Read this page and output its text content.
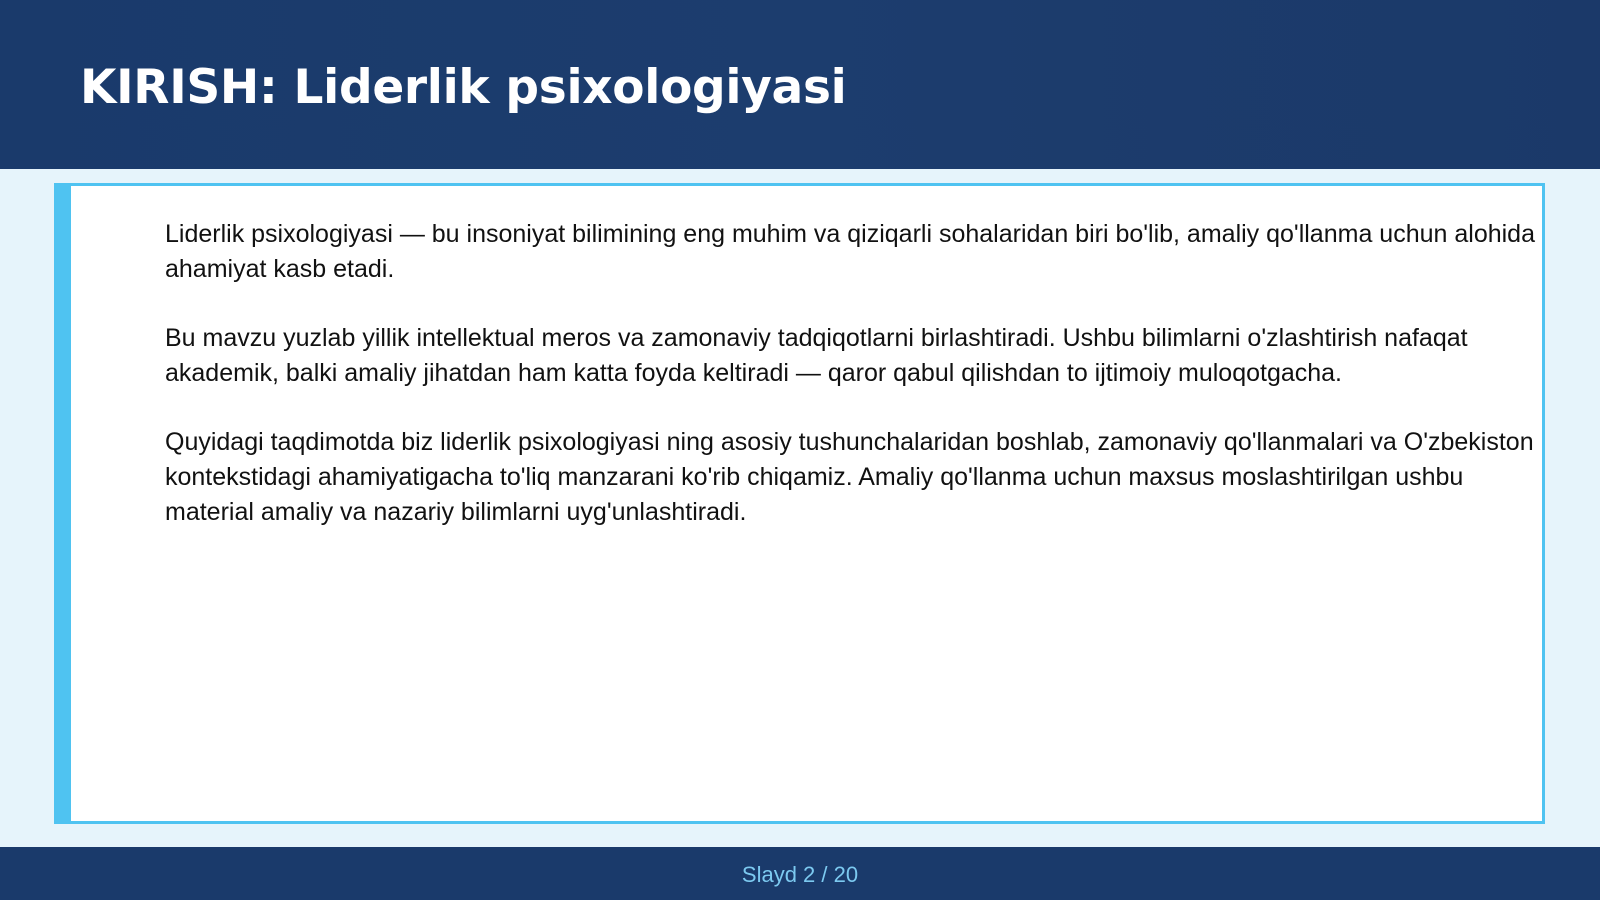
KIRISH: Liderlik psixologiyasi

Liderlik psixologiyasi — bu insoniyat bilimining eng muhim va qiziqarli sohalaridan biri bo'lib, amaliy qo'llanma uchun alohida ahamiyat kasb etadi.

Bu mavzu yuzlab yillik intellektual meros va zamonaviy tadqiqotlarni birlashtiradi. Ushbu bilimlarni o'zlashtirish nafaqat akademik, balki amaliy jihatdan ham katta foyda keltiradi — qaror qabul qilishdan to ijtimoiy muloqotgacha.

Quyidagi taqdimotda biz liderlik psixologiyasi ning asosiy tushunchalaridan boshlab, zamonaviy qo'llanmalari va O'zbekiston kontekstidagi ahamiyatigacha to'liq manzarani ko'rib chiqamiz. Amaliy qo'llanma uchun maxsus moslashtirilgan ushbu material amaliy va nazariy bilimlarni uyg'unlashtiradi.

Slayd 2 / 20
